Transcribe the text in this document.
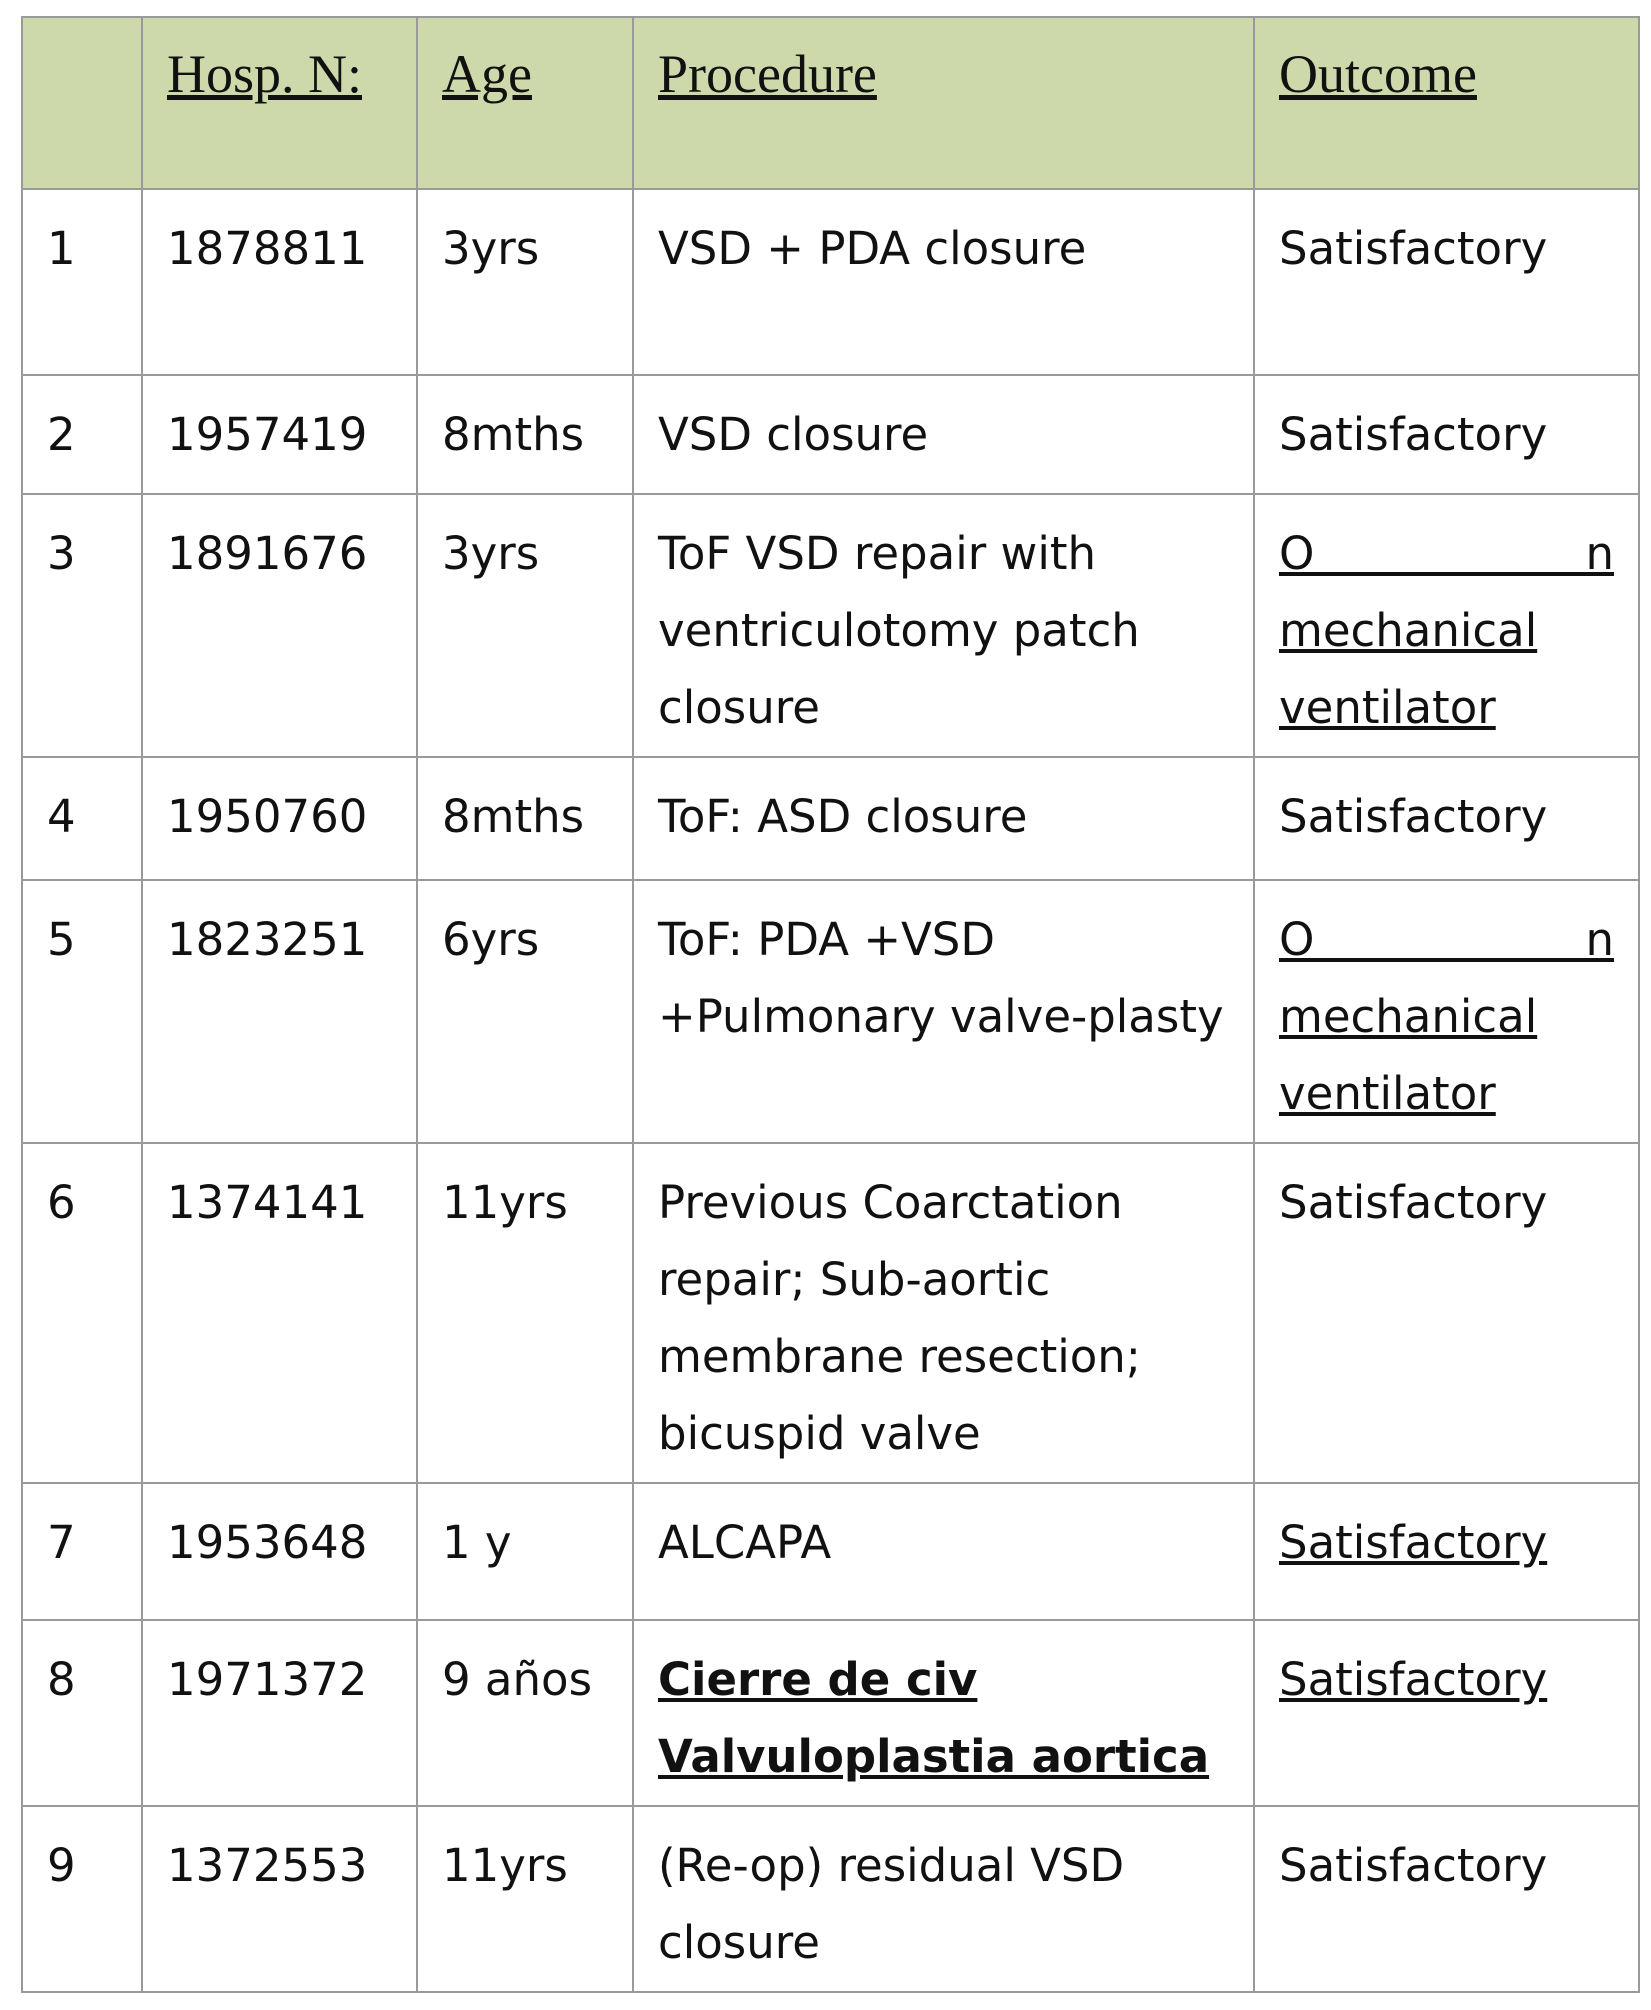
	Hosp. N:	Age	Procedure	Outcome
1	1878811	3yrs	VSD + PDA closure	Satisfactory
2	1957419	8mths	VSD closure	Satisfactory
3	1891676	3yrs	ToF VSD repair with
ventriculotomy patch
closure	O n
mechanical
ventilator

4	1950760	8mths	ToF: ASD closure	Satisfactory
5	1823251	6yrs	ToF: PDA +VSD
+Pulmonary valve-plasty	O n
mechanical
ventilator

6	1374141	11yrs	Previous Coarctation
repair; Sub-aortic
membrane resection;
bicuspid valve	Satisfactory
7	1953648	1 y	ALCAPA	Satisfactory
8	1971372	9 años	Cierre de civ
Valvuloplastia aortica	Satisfactory
9	1372553	11yrs	(Re-op) residual VSD
closure	Satisfactory
